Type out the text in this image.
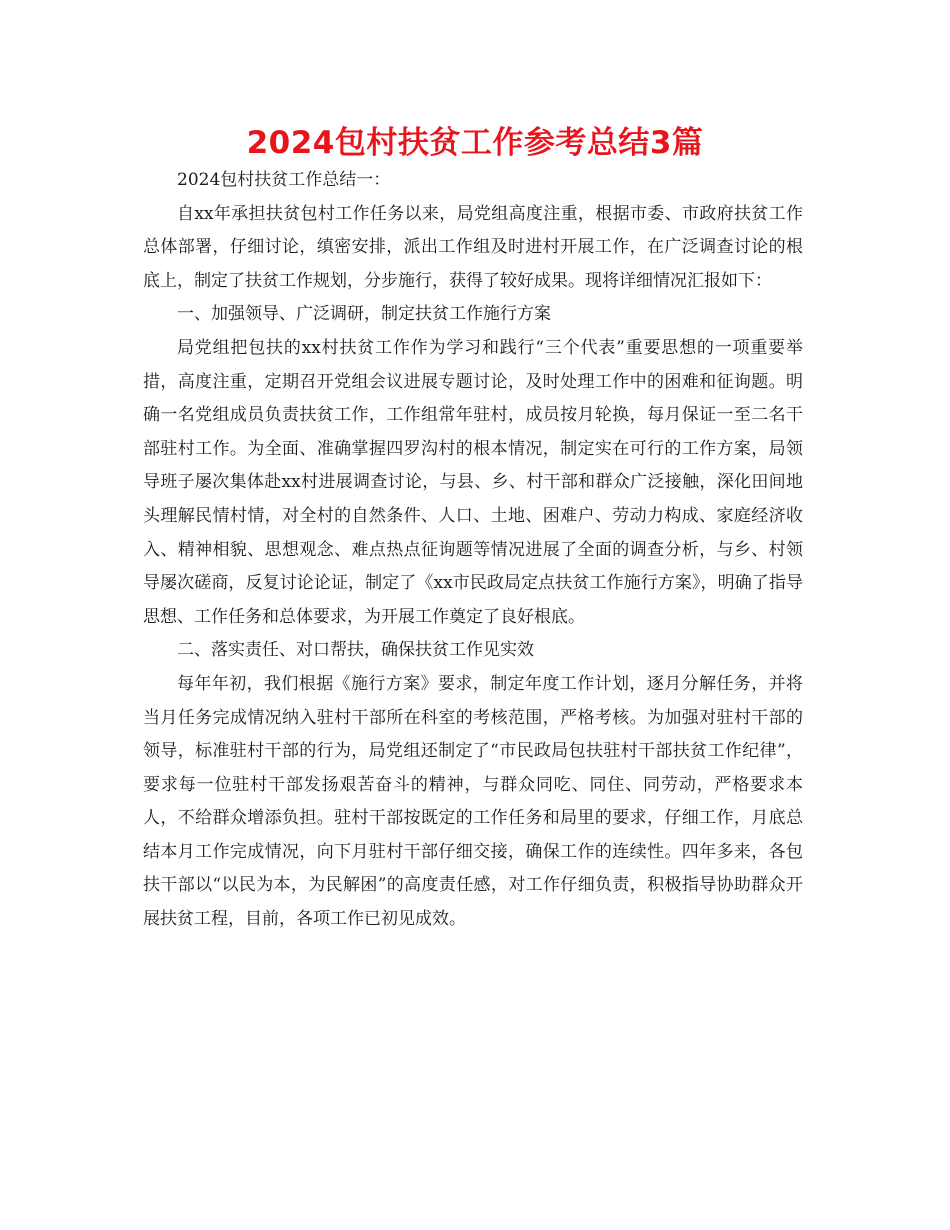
2024包村扶贫工作参考总结3篇

2024包村扶贫工作总结一：

自xx年承担扶贫包村工作任务以来，局党组高度注重，根据市委、市政府扶贫工作总体部署，仔细讨论，缜密安排，派出工作组及时进村开展工作，在广泛调查讨论的根底上，制定了扶贫工作规划，分步施行，获得了较好成果。现将详细情况汇报如下：

一、加强领导、广泛调研，制定扶贫工作施行方案

局党组把包扶的xx村扶贫工作作为学习和践行“三个代表”重要思想的一项重要举措，高度注重，定期召开党组会议进展专题讨论，及时处理工作中的困难和征询题。明确一名党组成员负责扶贫工作，工作组常年驻村，成员按月轮换，每月保证一至二名干部驻村工作。为全面、准确掌握四罗沟村的根本情况，制定实在可行的工作方案，局领导班子屡次集体赴xx村进展调查讨论，与县、乡、村干部和群众广泛接触，深化田间地头理解民情村情，对全村的自然条件、人口、土地、困难户、劳动力构成、家庭经济收入、精神相貌、思想观念、难点热点征询题等情况进展了全面的调查分析，与乡、村领导屡次磋商，反复讨论论证，制定了《xx市民政局定点扶贫工作施行方案》，明确了指导思想、工作任务和总体要求，为开展工作奠定了良好根底。

二、落实责任、对口帮扶，确保扶贫工作见实效

每年年初，我们根据《施行方案》要求，制定年度工作计划，逐月分解任务，并将当月任务完成情况纳入驻村干部所在科室的考核范围，严格考核。为加强对驻村干部的领导，标准驻村干部的行为，局党组还制定了“市民政局包扶驻村干部扶贫工作纪律”，要求每一位驻村干部发扬艰苦奋斗的精神，与群众同吃、同住、同劳动，严格要求本人，不给群众增添负担。驻村干部按既定的工作任务和局里的要求，仔细工作，月底总结本月工作完成情况，向下月驻村干部仔细交接，确保工作的连续性。四年多来，各包扶干部以“以民为本，为民解困”的高度责任感，对工作仔细负责，积极指导协助群众开展扶贫工程，目前，各项工作已初见成效。
